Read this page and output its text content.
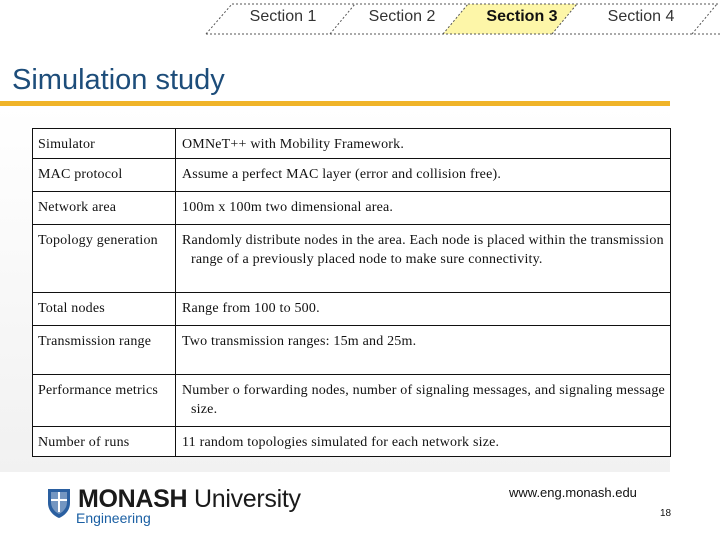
Section 1	Section 2	Section 3	Section 4
Simulation study
Simulator	OMNeT++ with Mobility Framework.
MAC protocol	Assume a perfect MAC layer (error and collision free).
Network area	100m x 100m two dimensional area.
Topology generation	Randomly distribute nodes in the area. Each node is placed within the transmission range of a previously placed node to make sure connectivity.

Total nodes	Range from 100 to 500.
Transmission range	Two transmission ranges: 15m and 25m.
Performance metrics	Number o forwarding nodes, number of signaling messages, and signaling message size.

Number of runs	11 random topologies simulated for each network size.
MONASH University
Engineering
www.eng.monash.edu
18
